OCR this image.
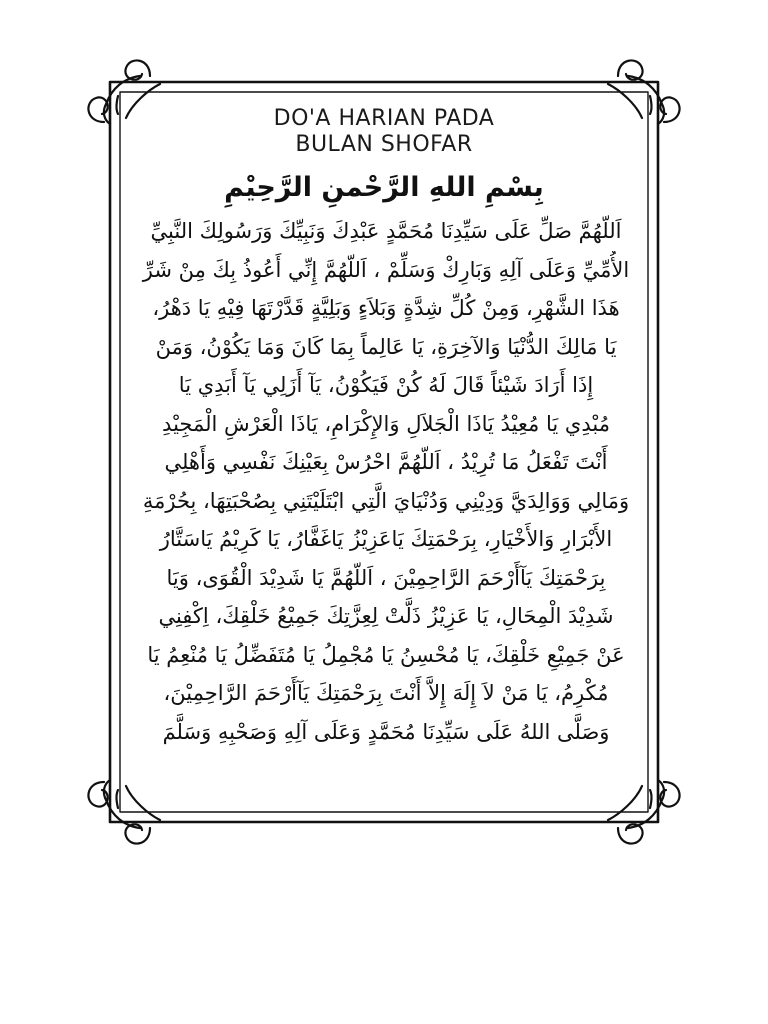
DO'A HARIAN PADA
BULAN SHOFAR
بِسْمِ اللهِ الرَّحْمنِ الرَّحِيْمِ
اَللّهُمَّ صَلِّ عَلَى سَيِّدِنَا مُحَمَّدٍ عَبْدِكَ وَنَبِيِّكَ وَرَسُولِكَ النَّبِيِّ
الأُمِّيِّ وَعَلَى آلِهِ وَبَارِكْ وَسَلِّمْ ، اَللّهُمَّ إِنِّي أَعُوذُ بِكَ مِنْ شَرِّ
هَذَا الشَّهْرِ، وَمِنْ كُلِّ شِدَّةٍ وَبَلاَءٍ وَبَلِيَّةٍ قَدَّرْتَهَا فِيْهِ يَا دَهْرُ،
يَا مَالِكَ الدُّنْيَا وَالآخِرَةِ، يَا عَالِماً بِمَا كَانَ وَمَا يَكُوْنُ، وَمَنْ
إِذَا أَرَادَ شَيْئاً قَالَ لَهُ كُنْ فَيَكُوْنُ، يَآ أَزَلِي يَآ أَبَدِي يَا
مُبْدِي يَا مُعِيْدُ يَاذَا الْجَلاَلِ وَالإِكْرَامِ، يَاذَا الْعَرْشِ الْمَجِيْدِ
أَنْتَ تَفْعَلُ مَا تُرِيْدُ ، اَللّهُمَّ احْرُسْ بِعَيْنِكَ نَفْسِي وَأَهْلِي
وَمَالِي وَوَالِدَيَّ وَدِيْنِي وَدُنْيَايَ الَّتِي ابْتَلَيْتَنِي بِصُحْبَتِهَا، بِحُرْمَةِ
الأَبْرَارِ وَالأَخْيَارِ، بِرَحْمَتِكَ يَاعَزِيْزُ يَاغَفَّارُ، يَا كَرِيْمُ يَاسَتَّارُ
بِرَحْمَتِكَ يَآأَرْحَمَ الرَّاحِمِيْنَ ، اَللّهُمَّ يَا شَدِيْدَ الْقُوَى، وَيَا
شَدِيْدَ الْمِحَالِ، يَا عَزِيْزُ ذَلَّتْ لِعِزَّتِكَ جَمِيْعُ خَلْقِكَ، اِكْفِنِي
عَنْ جَمِيْعِ خَلْقِكَ، يَا مُحْسِنُ يَا مُجْمِلُ يَا مُتَفَضِّلُ يَا مُنْعِمُ يَا
مُكْرِمُ، يَا مَنْ لاَ إِلَهَ إِلاَّ أَنْتَ بِرَحْمَتِكَ يَآأَرْحَمَ الرَّاحِمِيْنَ،
وَصَلَّى اللهُ عَلَى سَيِّدِنَا مُحَمَّدٍ وَعَلَى آلِهِ وَصَحْبِهِ وَسَلَّمَ
